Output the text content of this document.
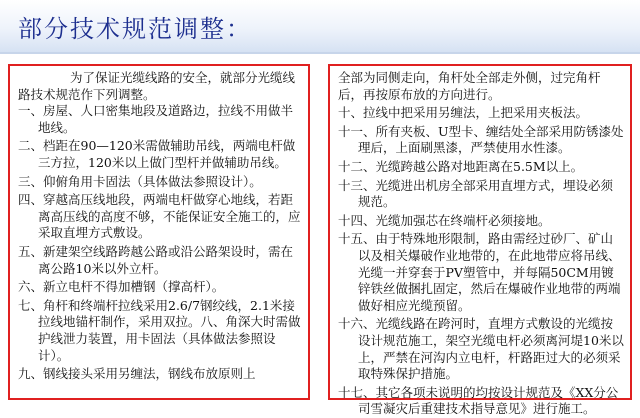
部分技术规范调整：

为了保证光缆线路的安全，就部分光缆线路技术规范作下列调整。

一、房屋、人口密集地段及道路边，拉线不用做半地线。

二、档距在90—120米需做辅助吊线，两端电杆做三方拉，120米以上做门型杆并做辅助吊线。

三、仰俯角用卡固法（具体做法参照设计）。

四、穿越高压线地段，两端电杆做穿心地线，若距离高压线的高度不够，不能保证安全施工的，应采取直埋方式敷设。

五、新建架空线路跨越公路或沿公路架设时，需在离公路10米以外立杆。

六、新立电杆不得加槽钢（撑高杆）。

七、角杆和终端杆拉线采用2.6/7钢绞线，2.1米接拉线地锚杆制作，采用双拉。八、角深大时需做护线泄力装置，用卡固法（具体做法参照设计）。

九、钢线接头采用另缠法，钢线布放原则上

全部为同侧走向，角杆处全部走外侧，过完角杆后，再按原布放的方向进行。

十、拉线中把采用另缠法，上把采用夹板法。

十一、所有夹板、U型卡、缠结处全部采用防锈漆处理后，上面刷黑漆，严禁使用水性漆。

十二、光缆跨越公路对地距离在5.5M以上。

十三、光缆进出机房全部采用直埋方式，埋设必须规范。

十四、光缆加强芯在终端杆必须接地。

十五、由于特殊地形限制，路由需经过砂厂、矿山以及相关爆破作业地带的，在此地带应将吊线、光缆一并穿套于PV塑管中，并每隔50CM用镀锌铁丝做捆扎固定，然后在爆破作业地带的两端做好相应光缆预留。

十六、光缆线路在跨河时，直埋方式敷设的光缆按设计规范施工，架空光缆电杆必须离河堤10米以上，严禁在河沟内立电杆，杆路距过大的必须采取特殊保护措施。

十七、其它各项未说明的均按设计规范及《XX分公司雪凝灾后重建技术指导意见》进行施工。
